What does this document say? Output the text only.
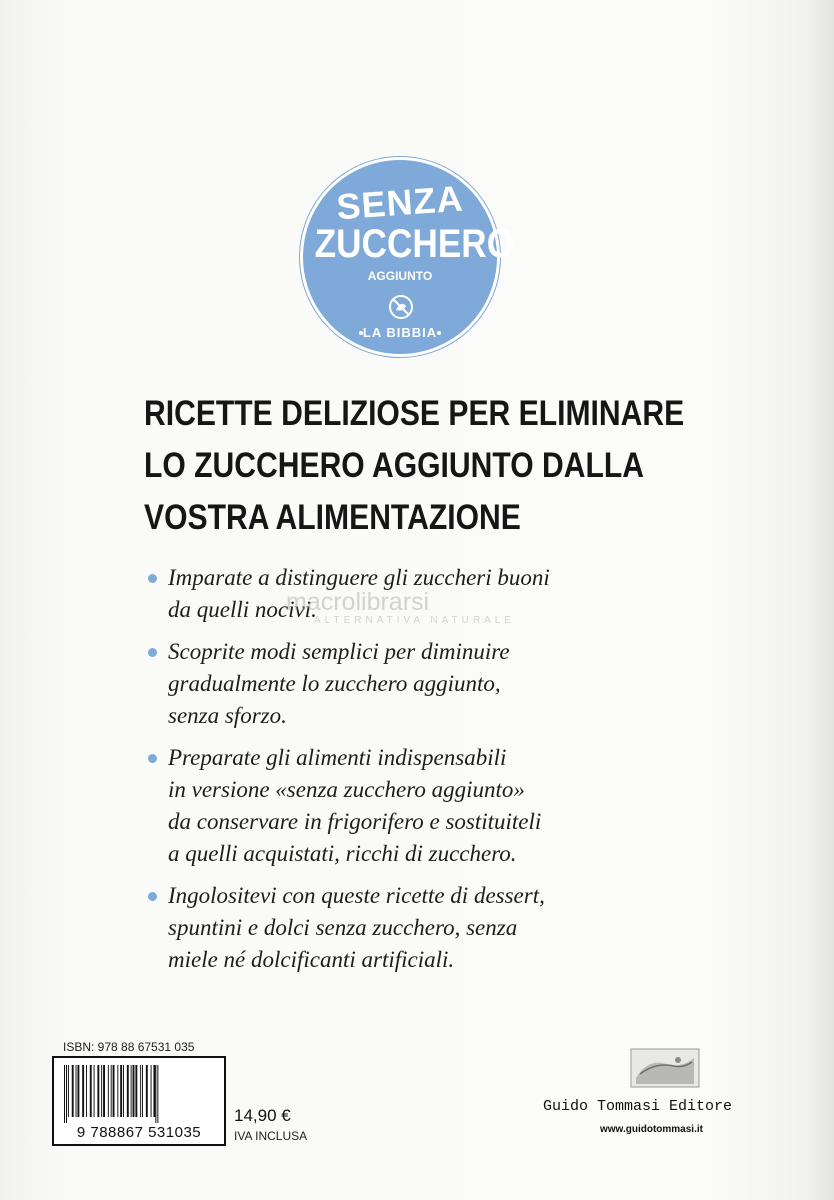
SENZA
ZUCCHERO
AGGIUNTO
LA BIBBIA
RICETTE DELIZIOSE PER ELIMINARE
LO ZUCCHERO AGGIUNTO DALLA
VOSTRA ALIMENTAZIONE
Imparate a distinguere gli zuccheri buoni
da quelli nocivi.
Scoprite modi semplici per diminuire
gradualmente lo zucchero aggiunto,
senza sforzo.
Preparate gli alimenti indispensabili
in versione «senza zucchero aggiunto»
da conservare in frigorifero e sostituiteli
a quelli acquistati, ricchi di zucchero.
Ingolositevi con queste ricette di dessert,
spuntini e dolci senza zucchero, senza
miele né dolcificanti artificiali.
macrolibrarsi
ALTERNATIVA NATURALE
ISBN: 978 88 67531 035
9 788867 531035
14,90 €
IVA INCLUSA
Guido Tommasi Editore
www.guidotommasi.it
